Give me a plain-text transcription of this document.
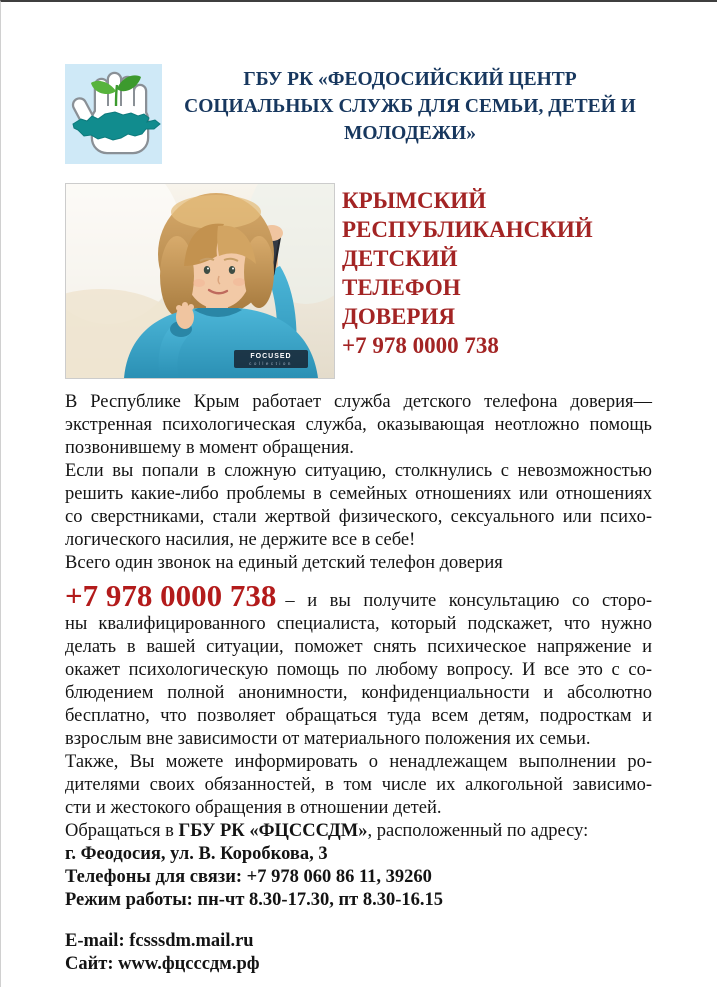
ГБУ РК «ФЕОДОСИЙСКИЙ ЦЕНТР
СОЦИАЛЬНЫХ СЛУЖБ ДЛЯ СЕМЬИ, ДЕТЕЙ И
МОЛОДЕЖИ»
FOCUSED
collection
КРЫМСКИЙ
РЕСПУБЛИКАНСКИЙ
ДЕТСКИЙ
ТЕЛЕФОН
ДОВЕРИЯ
+7 978 0000 738
В Республике Крым работает служба детского телефона доверия—
экстренная психологическая служба, оказывающая неотложно помощь
позвонившему в момент обращения.
Если вы попали в сложную ситуацию, столкнулись с невозможностью
решить какие-либо проблемы в семейных отношениях или отношениях
со сверстниками, стали жертвой физического, сексуального или психо-
логического насилия, не держите все в себе!
Всего один звонок на единый детский телефон доверия
+7 978 0000 738 – и вы получите консультацию со сторо-
ны квалифицированного специалиста, который подскажет, что нужно
делать в вашей ситуации, поможет снять психическое напряжение и
окажет психологическую помощь по любому вопросу. И все это с со-
блюдением полной анонимности, конфиденциальности и абсолютно
бесплатно, что позволяет обращаться туда всем детям, подросткам и
взрослым вне зависимости от материального положения их семьи.
Также, Вы можете информировать о ненадлежащем выполнении ро-
дителями своих обязанностей, в том числе их алкогольной зависимо-
сти и жестокого обращения в отношении детей.
Обращаться в ГБУ РК «ФЦСССДМ», расположенный по адресу:
г. Феодосия, ул. В. Коробкова, 3
Телефоны для связи: +7 978 060 86 11, 39260
Режим работы: пн-чт 8.30-17.30, пт 8.30-16.15
E-mail: fcsssdm.mail.ru
Сайт: www.фцсссдм.рф
